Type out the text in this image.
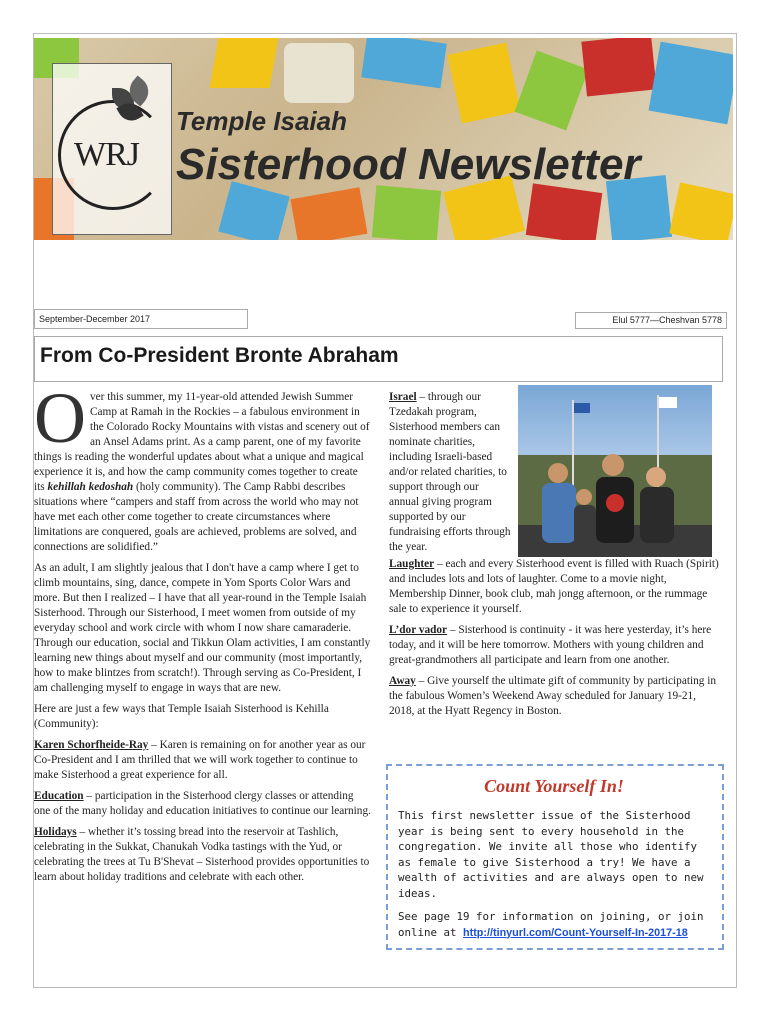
WRJ
Temple Isaiah
Sisterhood Newsletter
September-December 2017	Elul 5777—Cheshvan 5778
From Co-President Bronte Abraham

Over this summer, my 11-year-old attended Jewish Summer Camp at Ramah in the Rockies – a fabulous environment in the Colorado Rocky Mountains with vistas and scenery out of an Ansel Adams print. As a camp parent, one of my favorite things is reading the wonderful updates about what a unique and magical experience it is, and how the camp community comes together to create its kehillah kedoshah (holy community). The Camp Rabbi describes situations where “campers and staff from across the world who may not have met each other come together to create circumstances where limitations are conquered, goals are achieved, problems are solved, and connections are solidified.”

As an adult, I am slightly jealous that I don't have a camp where I get to climb mountains, sing, dance, compete in Yom Sports Color Wars and more. But then I realized – I have that all year-round in the Temple Isaiah Sisterhood. Through our Sisterhood, I meet women from outside of my everyday school and work circle with whom I now share camaraderie. Through our education, social and Tikkun Olam activities, I am constantly learning new things about myself and our community (most importantly, how to make blintzes from scratch!). Through serving as Co-President, I am challenging myself to engage in ways that are new.

Here are just a few ways that Temple Isaiah Sisterhood is Kehilla (Community):

Karen Schorfheide-Ray – Karen is remaining on for another year as our Co-President and I am thrilled that we will work together to continue to make Sisterhood a great experience for all.

Education – participation in the Sisterhood clergy classes or attending one of the many holiday and education initiatives to continue our learning.

Holidays – whether it’s tossing bread into the reservoir at Tashlich, celebrating in the Sukkat, Chanukah Vodka tastings with the Yud, or celebrating the trees at Tu B'Shevat – Sisterhood provides opportunities to learn about holiday traditions and celebrate with each other.

Israel – through our Tzedakah program, Sisterhood members can nominate charities, including Israeli-based and/or related charities, to support through our annual giving program supported by our fundraising efforts through the year.

Laughter – each and every Sisterhood event is filled with Ruach (Spirit) and includes lots and lots of laughter. Come to a movie night, Membership Dinner, book club, mah jongg afternoon, or the rummage sale to experience it yourself.

L’dor vador – Sisterhood is continuity - it was here yesterday, it’s here today, and it will be here tomorrow. Mothers with young children and great-grandmothers all participate and learn from one another.

Away – Give yourself the ultimate gift of community by participating in the fabulous Women’s Weekend Away scheduled for January 19-21, 2018, at the Hyatt Regency in Boston.

Count Yourself In!

This first newsletter issue of the Sisterhood year is being sent to every household in the congregation. We invite all those who identify as female to give Sisterhood a try! We have a wealth of activities and are always open to new ideas.

See page 19 for information on joining, or join online at http://tinyurl.com/Count-Yourself-In-2017-18
